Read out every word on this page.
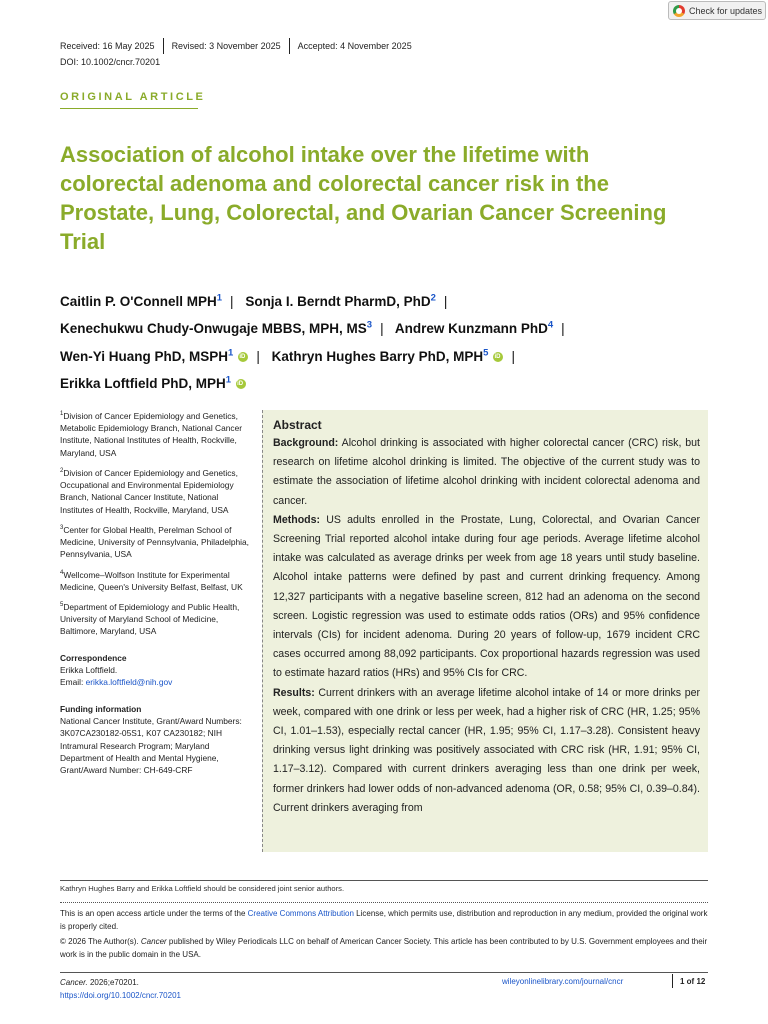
Check for updates
Received: 16 May 2025 Revised: 3 November 2025 Accepted: 4 November 2025
DOI: 10.1002/cncr.70201
ORIGINAL ARTICLE
Association of alcohol intake over the lifetime with colorectal adenoma and colorectal cancer risk in the Prostate, Lung, Colorectal, and Ovarian Cancer Screening Trial
Caitlin P. O'Connell MPH$^1$ | Sonja I. Berndt PharmD, PhD$^2$ |
Kenechukwu Chudy-Onwugaje MBBS, MPH, $MS^3$ | Andrew Kunzmann PhD$^4$ |
Wen-Yi Huang PhD, MSPH$^1$ iD | Kathryn Hughes Barry PhD, MPH$^5$ iD |
Erikka Loftfield PhD, MPH$^1$iD
$^1$Division of Cancer Epidemiology and Genetics, Metabolic Epidemiology Branch, National Cancer Institute, National Institutes of Health, Rockville, Maryland, USA
$^2$Division of Cancer Epidemiology and Genetics, Occupational and Environmental Epidemiology Branch, National Cancer Institute, National Institutes of Health, Rockville, Maryland, USA
$^3$Center for Global Health, Perelman School of Medicine, University of Pennsylvania, Philadelphia, Pennsylvania, USA
$^4$Wellcome–Wolfson Institute for Experimental Medicine, Queen's University Belfast, Belfast, UK
$^5$Department of Epidemiology and Public Health, University of Maryland School of Medicine, Baltimore, Maryland, USA
Correspondence
Erikka Loftfield.
Email: erikka.loftfield@nih.gov
Funding information
National Cancer Institute, Grant/Award Numbers: 3K07CA230182-05S1, K07 CA230182; NIH Intramural Research Program; Maryland Department of Health and Mental Hygiene, Grant/Award Number: CH-649-CRF
Abstract

Background: Alcohol drinking is associated with higher colorectal cancer (CRC) risk, but research on lifetime alcohol drinking is limited. The objective of the current study was to estimate the association of lifetime alcohol drinking with incident colorectal adenoma and cancer.

Methods: US adults enrolled in the Prostate, Lung, Colorectal, and Ovarian Cancer Screening Trial reported alcohol intake during four age periods. Average lifetime alcohol intake was calculated as average drinks per week from age 18 years until study baseline. Alcohol intake patterns were defined by past and current drinking frequency. Among 12,327 participants with a negative baseline screen, 812 had an adenoma on the second screen. Logistic regression was used to estimate odds ratios (ORs) and 95% confidence intervals (CIs) for incident adenoma. During 20 years of follow-up, 1679 incident CRC cases occurred among 88,092 participants. Cox proportional hazards regression was used to estimate hazard ratios (HRs) and 95% CIs for CRC.

Results: Current drinkers with an average lifetime alcohol intake of 14 or more drinks per week, compared with one drink or less per week, had a higher risk of CRC (HR, 1.25; 95% CI, 1.01–1.53), especially rectal cancer (HR, 1.95; 95% CI, 1.17–3.28). Consistent heavy drinking versus light drinking was positively associated with CRC risk (HR, 1.91; 95% CI, 1.17–3.12). Compared with current drinkers averaging less than one drink per week, former drinkers had lower odds of non-advanced adenoma (OR, 0.58; 95% CI, 0.39–0.84). Current drinkers averaging from

Kathryn Hughes Barry and Erikka Loftfield should be considered joint senior authors.
This is an open access article under the terms of the Creative Commons Attribution License, which permits use, distribution and reproduction in any medium, provided the original work is properly cited.
© 2026 The Author(s). Cancer published by Wiley Periodicals LLC on behalf of American Cancer Society. This article has been contributed to by U.S. Government employees and their work is in the public domain in the USA.
Cancer. 2026;e70201.
https://doi.org/10.1002/cncr.70201
wileyonlinelibrary.com/journal/cncr	1 of 12
